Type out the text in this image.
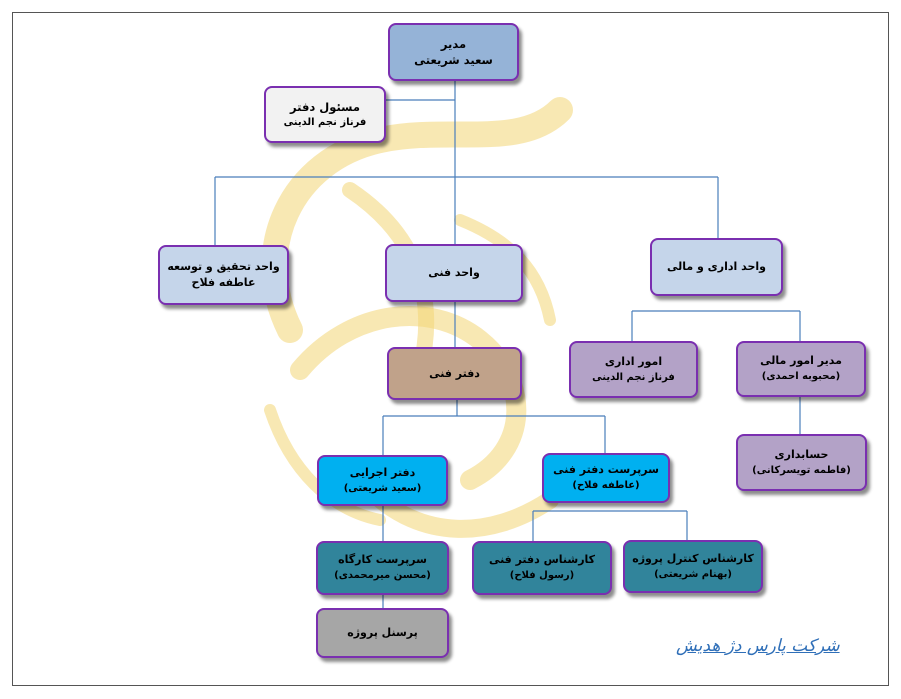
مدیر
سعید شریعتی
مسئول دفتر
فرناز نجم الدینی
واحد تحقیق و توسعه
عاطفه فلاح
واحد فنی	واحد اداری و مالی
دفتر فنی
امور اداری
فرناز نجم الدینی
مدیر امور مالی
(محبوبه احمدی)
دفتر اجرایی
(سعید شریعتی)
سرپرست دفتر فنی
(عاطفه فلاح)
حسابداری
(فاطمه تویسرکانی)
سرپرست کارگاه
(محسن میرمحمدی)
کارشناس دفتر فنی
(رسول فلاح)
کارشناس کنترل پروژه
(بهنام شریعتی)
پرسنل پروژه
شرکت پارس دژ هدیش
